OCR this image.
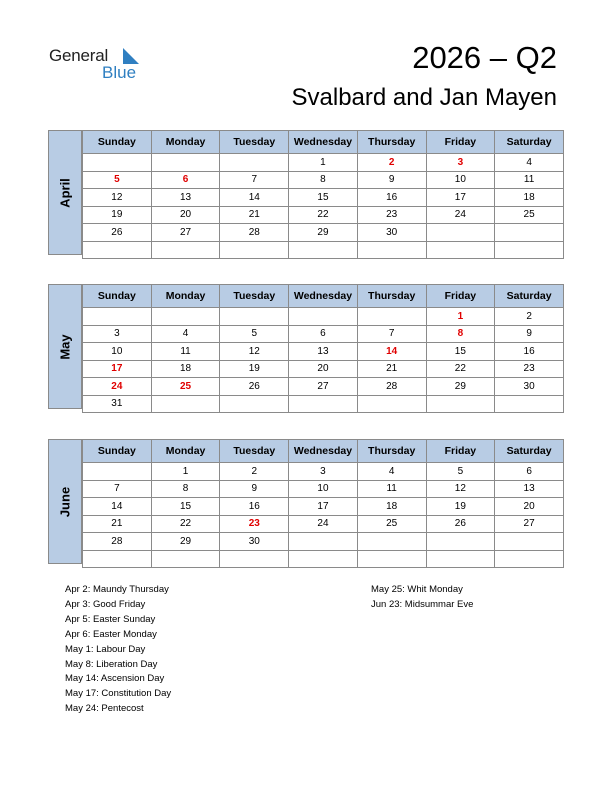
General
Blue	2026 – Q2
Svalbard and Jan Mayen
April
Sunday	Monday	Tuesday	Wednesday	Thursday	Friday	Saturday
			1	2	3	4
5	6	7	8	9	10	11
12	13	14	15	16	17	18
19	20	21	22	23	24	25
26	27	28	29	30		

May
Sunday	Monday	Tuesday	Wednesday	Thursday	Friday	Saturday
					1	2
3	4	5	6	7	8	9
10	11	12	13	14	15	16
17	18	19	20	21	22	23
24	25	26	27	28	29	30
31						
June
Sunday	Monday	Tuesday	Wednesday	Thursday	Friday	Saturday
	1	2	3	4	5	6
7	8	9	10	11	12	13
14	15	16	17	18	19	20
21	22	23	24	25	26	27
28	29	30				

Apr 2: Maundy Thursday
Apr 3: Good Friday
Apr 5: Easter Sunday
Apr 6: Easter Monday
May 1: Labour Day
May 8: Liberation Day
May 14: Ascension Day
May 17: Constitution Day
May 24: Pentecost
May 25: Whit Monday
Jun 23: Midsummar Eve
